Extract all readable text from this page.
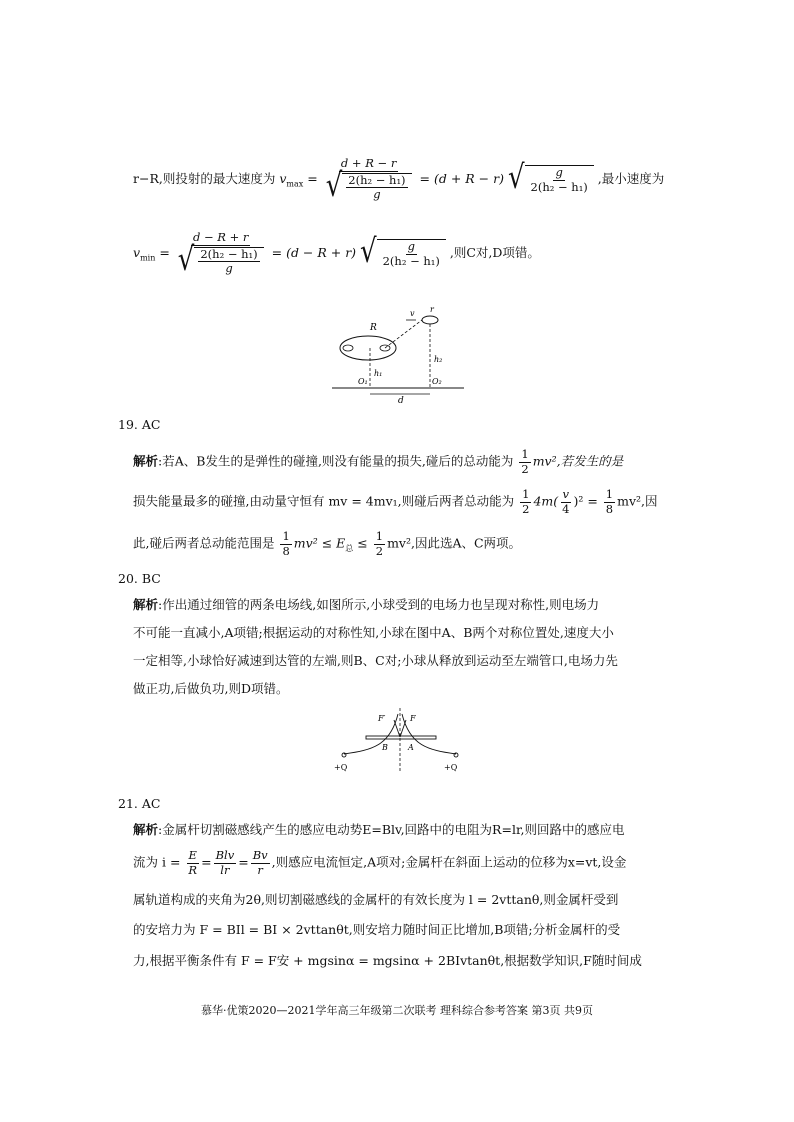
r−R,则投射的最大速度为 $v_{max} = \frac{d + R - r}{√ \frac{\text{2(h₂ − h₁)}}{g}} = (d + R - r)$ √ $\frac{g}{\text{2(h₂ − h₁)}}$ ,最小速度为
$v_{min} = \frac{d - R + r}{√ \frac{\text{2(h₂ − h₁)}}{g}} = (d - R + r)$ √ $\frac{g}{\text{2(h₂ − h₁)}}$ ,则C对,D项错。
R
v r
h₂
h₁
O₁	O₂
d
19. AC
解析:若A、B发生的是弹性的碰撞,则没有能量的损失,碰后的总动能为 $\frac{1}{2} mv^2$,若发生的是
损失能量最多的碰撞,由动量守恒有 mv = 4mv₁,则碰后两者总动能为 $\frac{1}{2} 4m( \frac{v}{4} )^2 = \frac{1}{8} mv^2$,因
此,碰后两者总动能范围是 $\frac{1}{8} mv^2 \le E_总 \le \frac{1}{2} mv^2$,因此选A、C两项。
20. BC
解析:作出通过细管的两条电场线,如图所示,小球受到的电场力也呈现对称性,则电场力
不可能一直减小,A项错;根据运动的对称性知,小球在图中A、B两个对称位置处,速度大小
一定相等,小球恰好减速到达管的左端,则B、C对;小球从释放到运动至左端管口,电场力先
做正功,后做负功,则D项错。
F′	F
B	A
+Q	+Q
21. AC
解析:金属杆切割磁感线产生的感应电动势E=Blv,回路中的电阻为R=lr,则回路中的感应电
流为 $i = \frac{E}{R}$ = Blv
lr = $\frac{Bv}{r}$ ,则感应电流恒定,A项对;金属杆在斜面上运动的位移为x=vt,设金
属轨道构成的夹角为2θ,则切割磁感线的金属杆的有效长度为 l = 2vttanθ,则金属杆受到
的安培力为 F = BIl = BI × 2vttanθt,则安培力随时间正比增加,B项错;分析金属杆的受
力,根据平衡条件有 F = F安 + mgsinα = mgsinα + 2BIvtanθt,根据数学知识,F随时间成
慕华·优策2020—2021学年高三年级第二次联考 理科综合参考答案 第3页 共9页
